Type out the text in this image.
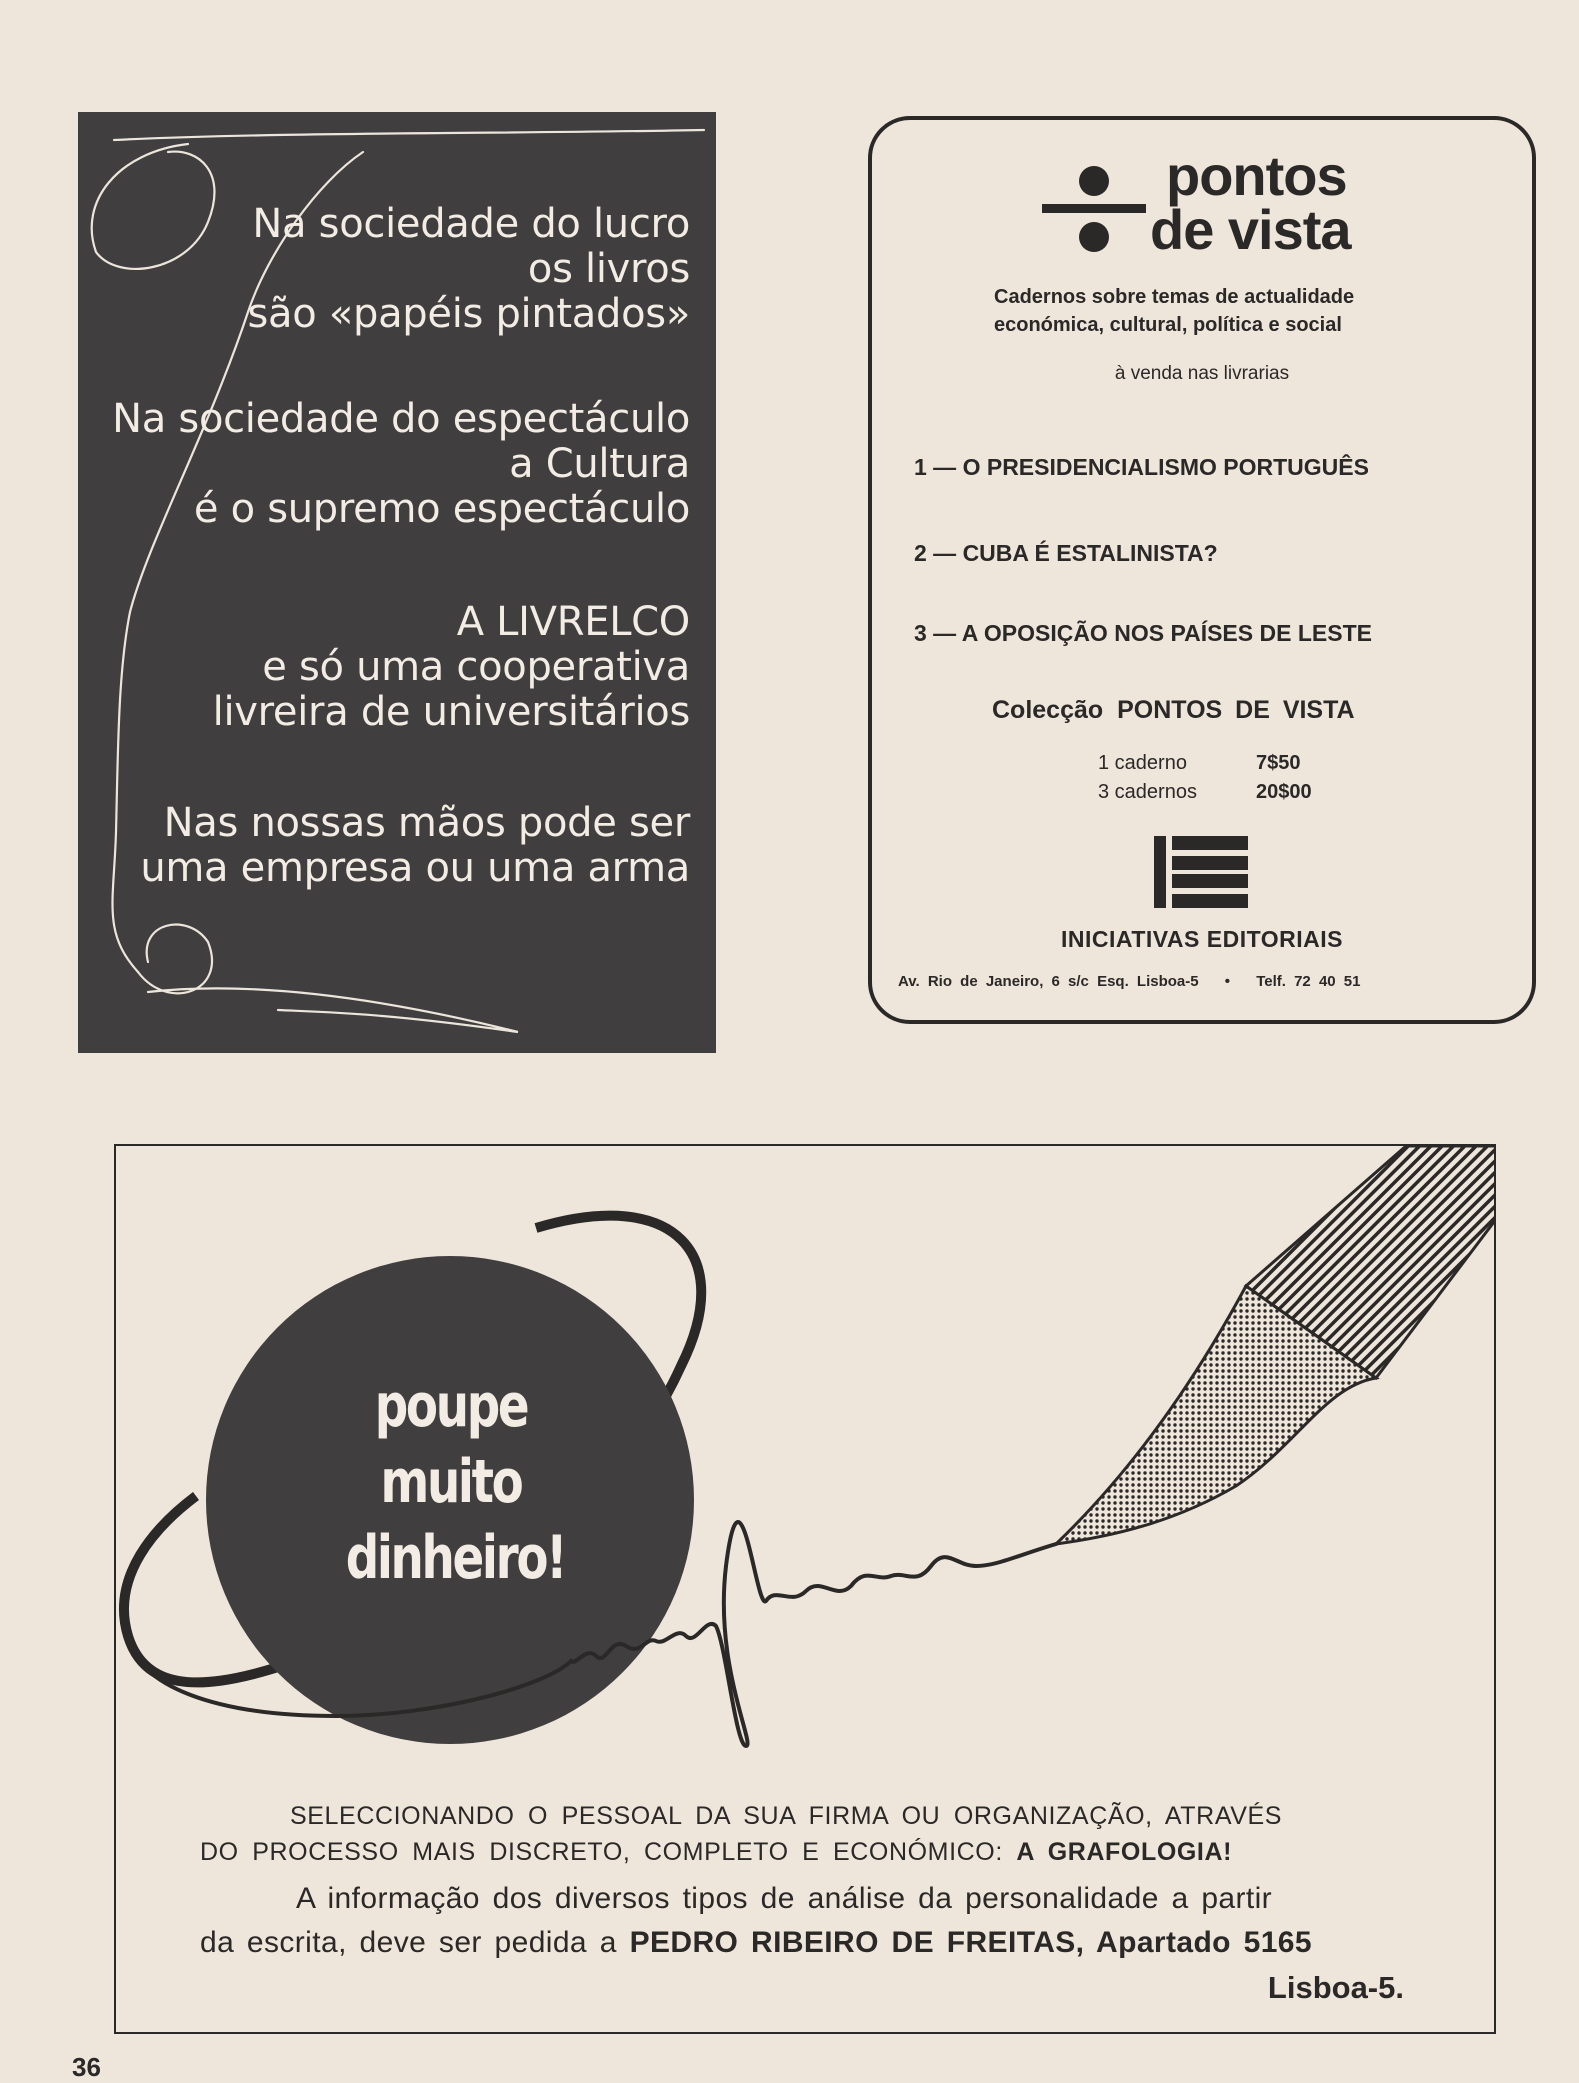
Na sociedade do lucro
os livros
são «papéis pintados»
Na sociedade do espectáculo
a Cultura
é o supremo espectáculo
A LIVRELCO
e só uma cooperativa
livreira de universitários
Nas nossas mãos pode ser
uma empresa ou uma arma
pontos
de vista
Cadernos sobre temas de actualidade
económica, cultural, política e social
à venda nas livrarias
1 — O PRESIDENCIALISMO PORTUGUÊS
2 — CUBA É ESTALINISTA?
3 — A OPOSIÇÃO NOS PAÍSES DE LESTE
Colecção PONTOS DE VISTA
1 caderno	7$50
3 cadernos	20$00
INICIATIVAS EDITORIAIS
Av. Rio de Janeiro, 6 s/c Esq. Lisboa-5 • Telf. 72 40 51
poupe
muito
dinheiro!
SELECCIONANDO O PESSOAL DA SUA FIRMA OU ORGANIZAÇÃO, ATRAVÉS
DO PROCESSO MAIS DISCRETO, COMPLETO E ECONÓMICO: A GRAFOLOGIA!
A informação dos diversos tipos de análise da personalidade a partir
da escrita, deve ser pedida a PEDRO RIBEIRO DE FREITAS, Apartado 5165
Lisboa-5.
36
